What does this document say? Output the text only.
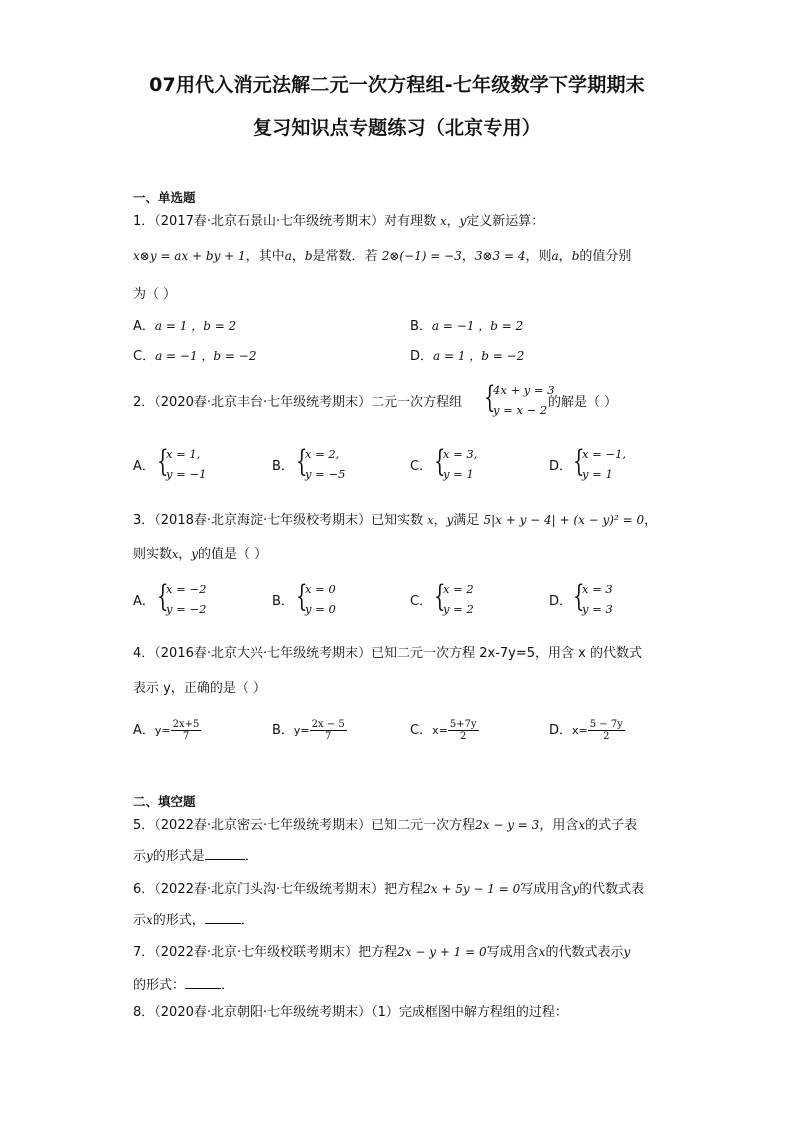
07用代入消元法解二元一次方程组-七年级数学下学期期末
复习知识点专题练习（北京专用）
一、单选题
1．（2017春·北京石景山·七年级统考期末）对有理数 x，y定义新运算：
x⊗y = ax + by + 1，其中a，b是常数．若 2⊗(−1) = −3，3⊗3 = 4，则a，b的值分别
为（ ）
A．a = 1 ，b = 2	B．a = −1 ，b = 2
C．a = −1 ，b = −2	D．a = 1 ，b = −2
2．（2020春·北京丰台·七年级统考期末）二元一次方程组 {
4x + y = 3
y = x − 2 的解是（ ）
A． {
x = 1,
y = −1	B． {
x = 2,
y = −5	C． {
x = 3,
y = 1	D． {
x = −1,
y = 1
3．（2018春·北京海淀·七年级校考期末）已知实数 x，y满足 5|x + y − 4| + (x − y)² = 0，
则实数x，y的值是（ ）
A． {
x = −2
y = −2	B． {
x = 0
y = 0	C． {
x = 2
y = 2	D． {
x = 3
y = 3
4．（2016春·北京大兴·七年级统考期末）已知二元一次方程 2x-7y=5，用含 x 的代数式
表示 y，正确的是（ ）
A．$y= \frac{2x+5}{7}$	B．$y= \frac{2x - 5}{7}$	C．$x= \frac{5+7y}{2}$	D．$x= \frac{5 - 7y}{2}$
二、填空题
5．（2022春·北京密云·七年级统考期末）已知二元一次方程2x − y = 3，用含x的式子表
示y的形式是	．
6．（2022春·北京门头沟·七年级统考期末）把方程2x + 5y − 1 = 0写成用含y的代数式表
示x的形式，	．
7．（2022春·北京·七年级校联考期末）把方程2x − y + 1 = 0写成用含x的代数式表示y
的形式：	．
8．（2020春·北京朝阳·七年级统考期末）（1）完成框图中解方程组的过程：
